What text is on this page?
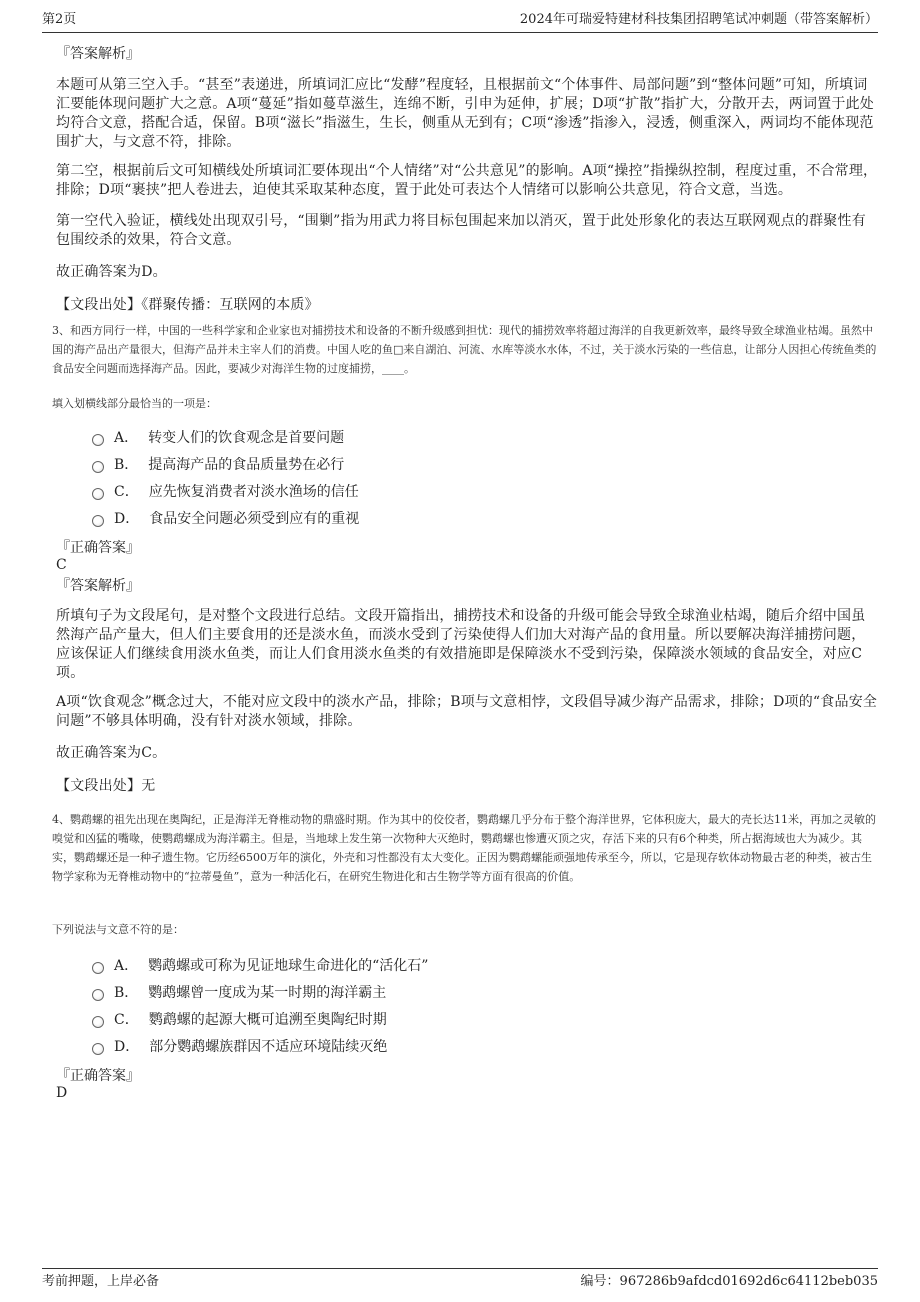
第2页	2024年可瑞爱特建材科技集团招聘笔试冲刺题（带答案解析）
『答案解析』
本题可从第三空入手。“甚至”表递进，所填词汇应比“发酵”程度轻，且根据前文“个体事件、局部问题”到“整体问题”可知，所填词汇要能体现问题扩大之意。A项“蔓延”指如蔓草滋生，连绵不断，引申为延伸，扩展；D项“扩散”指扩大，分散开去，两词置于此处均符合文意，搭配合适，保留。B项“滋长”指滋生，生长，侧重从无到有；C项“渗透”指渗入，浸透，侧重深入，两词均不能体现范围扩大，与文意不符，排除。
第二空，根据前后文可知横线处所填词汇要体现出“个人情绪”对“公共意见”的影响。A项“操控”指操纵控制，程度过重，不合常理，排除；D项“裹挟”把人卷进去，迫使其采取某种态度，置于此处可表达个人情绪可以影响公共意见，符合文意，当选。
第一空代入验证，横线处出现双引号，“围剿”指为用武力将目标包围起来加以消灭，置于此处形象化的表达互联网观点的群聚性有包围绞杀的效果，符合文意。
故正确答案为D。
【文段出处】《群聚传播：互联网的本质》
3、和西方同行一样，中国的一些科学家和企业家也对捕捞技术和设备的不断升级感到担忧：现代的捕捞效率将超过海洋的自我更新效率，最终导致全球渔业枯竭。虽然中国的海产品出产量很大，但海产品并未主宰人们的消费。中国人吃的鱼□来自湖泊、河流、水库等淡水水体，不过，关于淡水污染的一些信息，让部分人因担心传统鱼类的食品安全问题而选择海产品。因此，要减少对海洋生物的过度捕捞，____。
填入划横线部分最恰当的一项是：
A． 转变人们的饮食观念是首要问题
B． 提高海产品的食品质量势在必行
C． 应先恢复消费者对淡水渔场的信任
D． 食品安全问题必须受到应有的重视
『正确答案』
C
『答案解析』
所填句子为文段尾句，是对整个文段进行总结。文段开篇指出，捕捞技术和设备的升级可能会导致全球渔业枯竭，随后介绍中国虽然海产品产量大，但人们主要食用的还是淡水鱼，而淡水受到了污染使得人们加大对海产品的食用量。所以要解决海洋捕捞问题，应该保证人们继续食用淡水鱼类，而让人们食用淡水鱼类的有效措施即是保障淡水不受到污染，保障淡水领域的食品安全，对应C项。
A项“饮食观念”概念过大，不能对应文段中的淡水产品，排除；B项与文意相悖，文段倡导减少海产品需求，排除；D项的“食品安全问题”不够具体明确，没有针对淡水领域，排除。
故正确答案为C。
【文段出处】无
4、鹦鹉螺的祖先出现在奥陶纪，正是海洋无脊椎动物的鼎盛时期。作为其中的佼佼者，鹦鹉螺几乎分布于整个海洋世界，它体积庞大，最大的壳长达11米，再加之灵敏的嗅觉和凶猛的嘴喙，使鹦鹉螺成为海洋霸主。但是，当地球上发生第一次物种大灭绝时，鹦鹉螺也惨遭灭顶之灾，存活下来的只有6个种类，所占据海域也大为减少。其实，鹦鹉螺还是一种孑遗生物。它历经6500万年的演化，外壳和习性都没有太大变化。正因为鹦鹉螺能顽强地传承至今，所以，它是现存软体动物最古老的种类，被古生物学家称为无脊椎动物中的“拉蒂曼鱼”，意为一种活化石，在研究生物进化和古生物学等方面有很高的价值。
下列说法与文意不符的是：
A． 鹦鹉螺或可称为见证地球生命进化的“活化石”
B． 鹦鹉螺曾一度成为某一时期的海洋霸主
C． 鹦鹉螺的起源大概可追溯至奥陶纪时期
D． 部分鹦鹉螺族群因不适应环境陆续灭绝
『正确答案』
D
考前押题，上岸必备	编号：967286b9afdcd01692d6c64112beb035
